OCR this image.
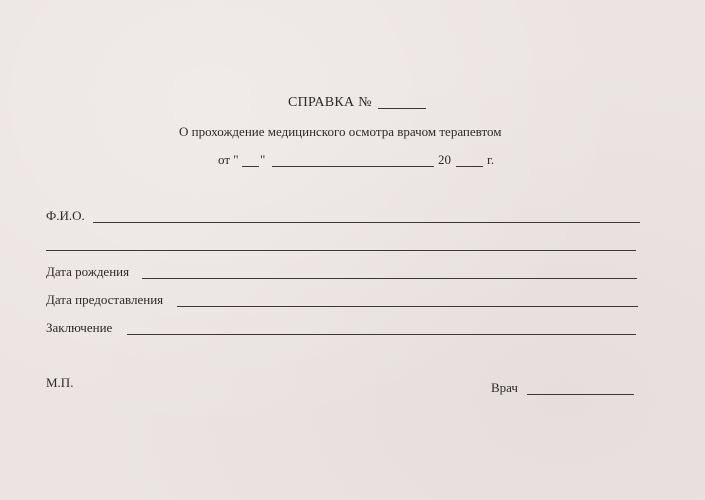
СПРАВКА №
О прохождение медицинского осмотра врачом терапевтом
от " "	20	г.
Ф.И.О.
Дата рождения
Дата предоставления
Заключение
М.П.	Врач
